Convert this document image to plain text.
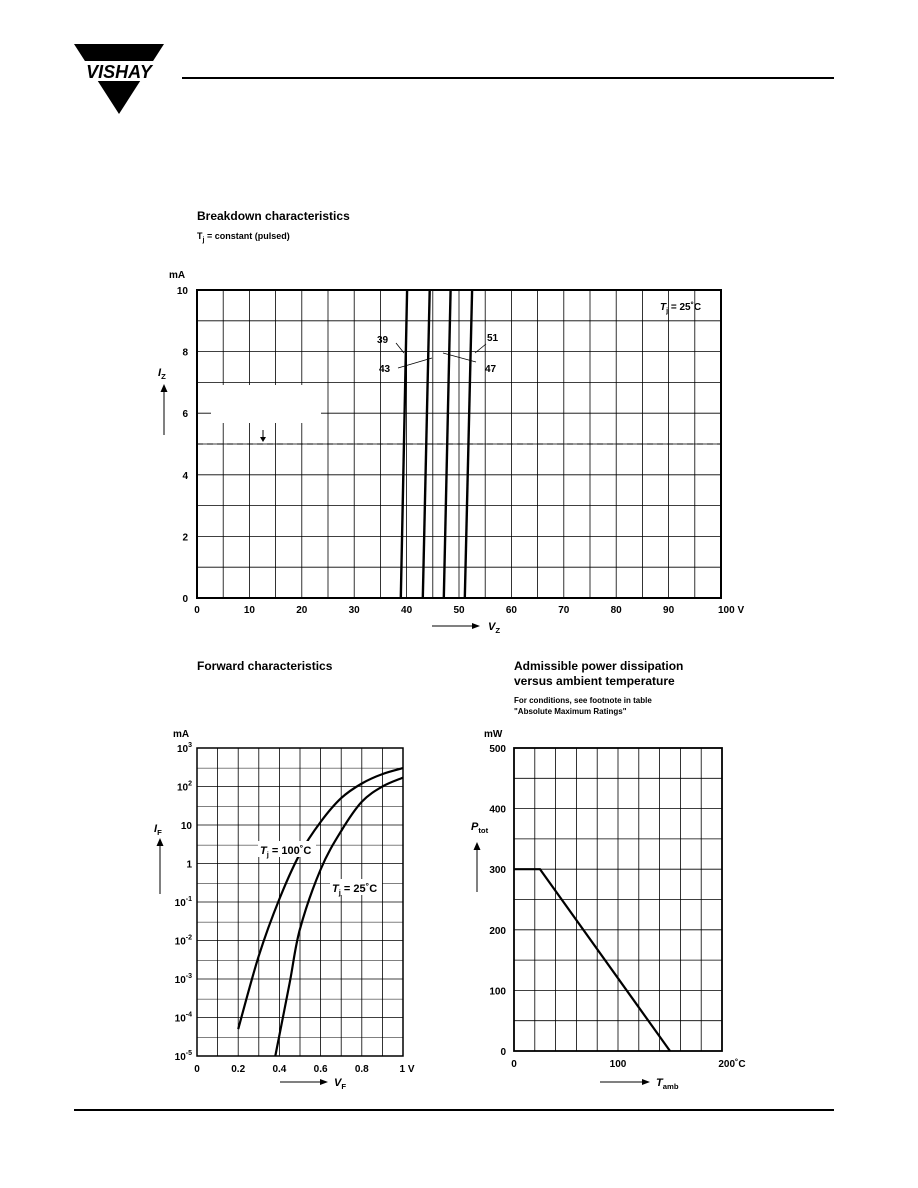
VISHAY
Breakdown characteristics
$T_j$ = constant (pulsed)
39
43	47
51
$T_j$ = 25˚C
0
2
4
6
8
10
0	10	20	30	40	50	60	70	80	90	100 V
mA
$I_Z$
$V_Z$
Forward characteristics
$T_j$ = 100˚C
$T_j$ = 25˚C
$10^{-5}$
$10^{-4}$
$10^{-3}$
$10^{-2}$
$10^{-1}$
1
10
$10^2$
$10^3$
0	0.2	0.4	0.6	0.8	1 V
mA
$I_F$
$V_F$
Admissible power dissipation
versus ambient temperature
For conditions, see footnote in table
"Absolute Maximum Ratings"
0
100
200
300
400
500
0	100	200˚C
mW
$P_{tot}$
$T_{amb}$
